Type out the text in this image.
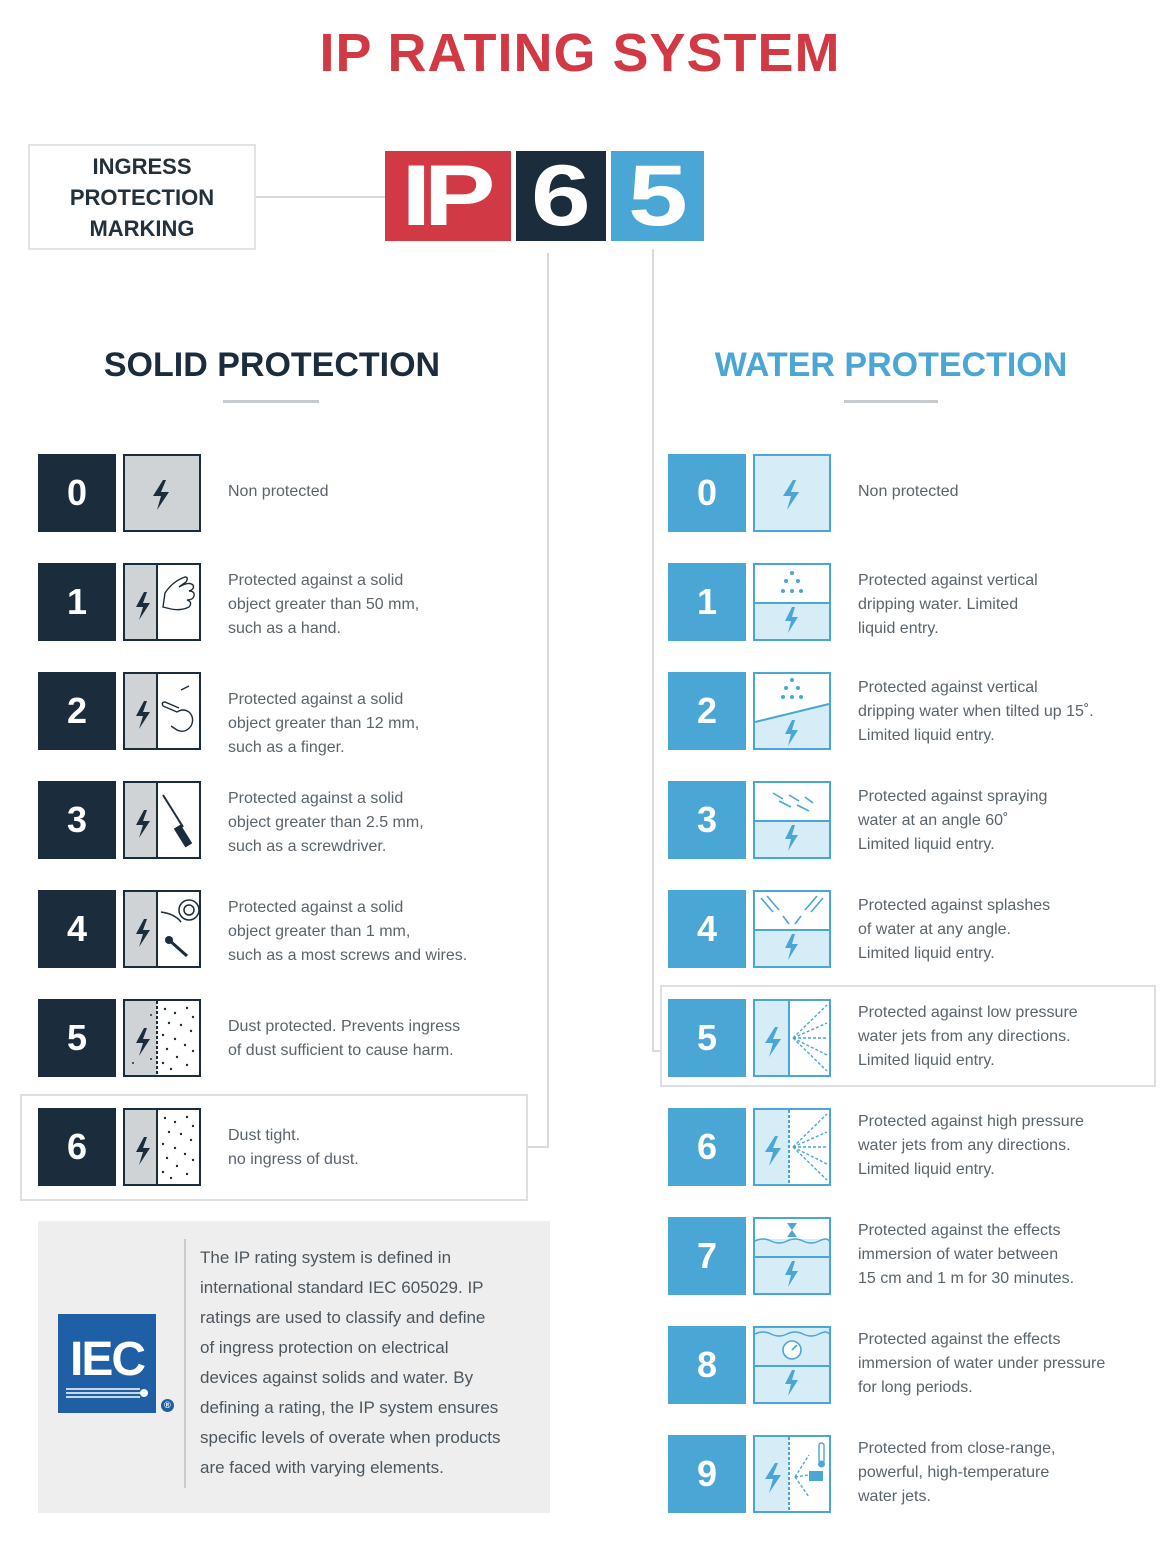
IP RATING SYSTEM
INGRESS
PROTECTION
MARKING IP 6 5
SOLID PROTECTION	WATER PROTECTION
0	Non protected
1
Protected against a solid
object greater than 50 mm,
such as a hand.
2	Protected against a solid
object greater than 12 mm,
such as a finger.
3
Protected against a solid
object greater than 2.5 mm,
such as a screwdriver.
4
Protected against a solid
object greater than 1 mm,
such as a most screws and wires.
5	Dust protected. Prevents ingress
of dust sufficient to cause harm.
6	Dust tight.
no ingress of dust.
0	Non protected
1
Protected against vertical
dripping water. Limited
liquid entry.
2
Protected against vertical
dripping water when tilted up 15˚.
Limited liquid entry.
3
Protected against spraying
water at an angle 60˚
Limited liquid entry.
4
Protected against splashes
of water at any angle.
Limited liquid entry.
5
Protected against low pressure
water jets from any directions.
Limited liquid entry.
6
Protected against high pressure
water jets from any directions.
Limited liquid entry.
7
Protected against the effects
immersion of water between
15 cm and 1 m for 30 minutes.
8
Protected against the effects
immersion of water under pressure
for long periods.
9
Protected from close-range,
powerful, high-temperature
water jets.
IEC
®
The IP rating system is defined in
international standard IEC 605029. IP
ratings are used to classify and define
of ingress protection on electrical
devices against solids and water. By
defining a rating, the IP system ensures
specific levels of overate when products
are faced with varying elements.
